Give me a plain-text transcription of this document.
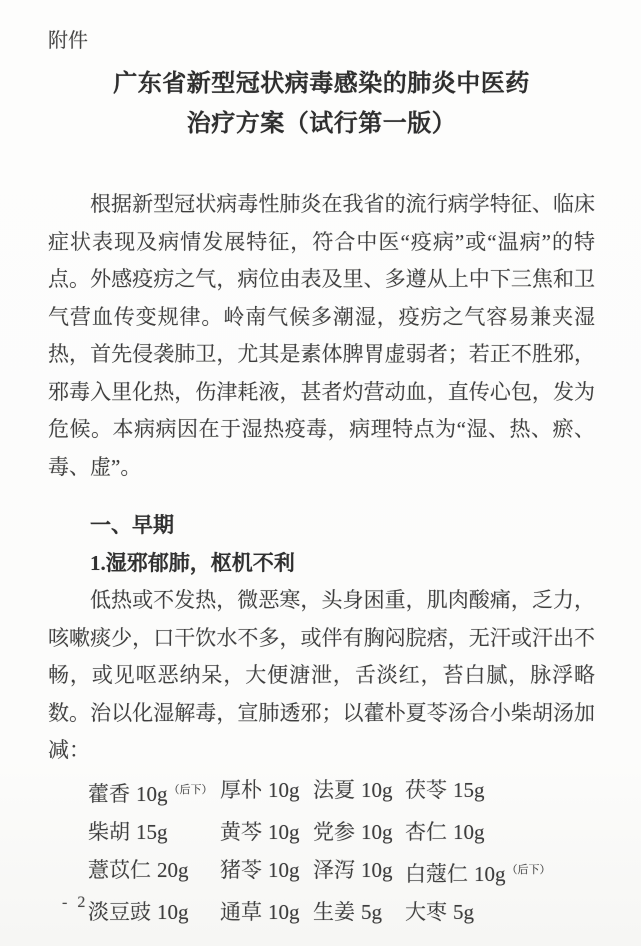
附件
广东省新型冠状病毒感染的肺炎中医药
治疗方案（试行第一版）

根据新型冠状病毒性肺炎在我省的流行病学特征、临床症状表现及病情发展特征，符合中医“疫病”或“温病”的特点。外感疫疠之气，病位由表及里、多遵从上中下三焦和卫气营血传变规律。岭南气候多潮湿，疫疠之气容易兼夹湿热，首先侵袭肺卫，尤其是素体脾胃虚弱者；若正不胜邪，邪毒入里化热，伤津耗液，甚者灼营动血，直传心包，发为危候。本病病因在于湿热疫毒，病理特点为“湿、热、瘀、毒、虚”。

一、早期
1.湿邪郁肺，枢机不利

低热或不发热，微恶寒，头身困重，肌肉酸痛，乏力，咳嗽痰少，口干饮水不多，或伴有胸闷脘痞，无汗或汗出不畅，或见呕恶纳呆，大便溏泄，舌淡红，苔白腻，脉浮略数。治以化湿解毒，宣肺透邪；以藿朴夏苓汤合小柴胡汤加减：

藿香 10g$^{(后下)}$ 厚朴 10g 法夏 10g 茯苓 15g
柴胡 15g	黄芩 10g 党参 10g 杏仁 10g
薏苡仁 20g	猪苓 10g 泽泻 10g 白蔻仁 10g$^{(后下)}$
淡豆豉 10g	通草 10g 生姜 5g	大枣 5g
- 2 -
